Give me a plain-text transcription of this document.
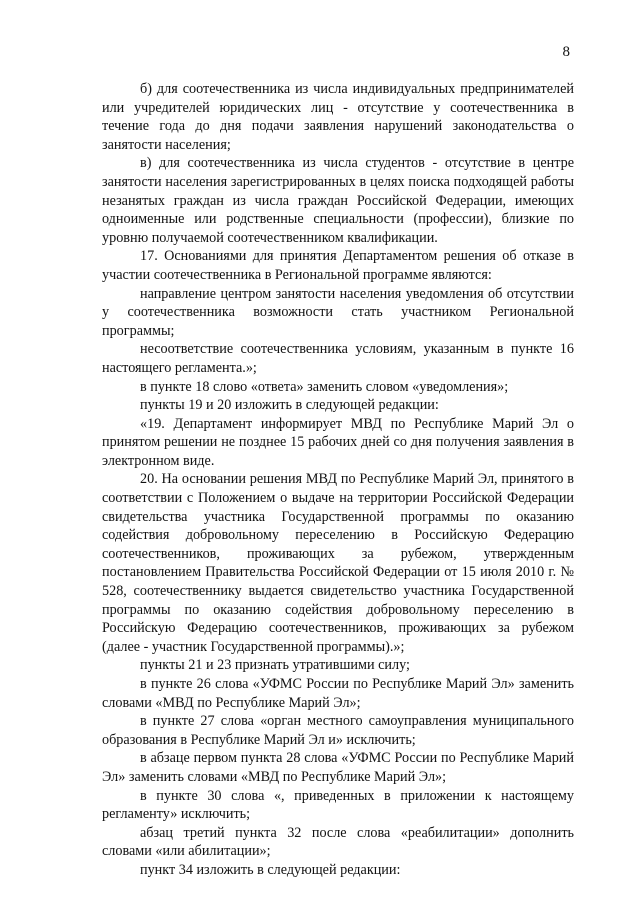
8

б) для соотечественника из числа индивидуальных предпринимателей или учредителей юридических лиц - отсутствие у соотечественника в течение года до дня подачи заявления нарушений законодательства о занятости населения;

в) для соотечественника из числа студентов - отсутствие в центре занятости населения зарегистрированных в целях поиска подходящей работы незанятых граждан из числа граждан Российской Федерации, имеющих одноименные или родственные специальности (профессии), близкие по уровню получаемой соотечественником квалификации.

17. Основаниями для принятия Департаментом решения об отказе в участии соотечественника в Региональной программе являются:

направление центром занятости населения уведомления об отсутствии у соотечественника возможности стать участником Региональной программы;

несоответствие соотечественника условиям, указанным в пункте 16 настоящего регламента.»;

в пункте 18 слово «ответа» заменить словом «уведомления»;

пункты 19 и 20 изложить в следующей редакции:

«19. Департамент информирует МВД по Республике Марий Эл о принятом решении не позднее 15 рабочих дней со дня получения заявления в электронном виде.

20. На основании решения МВД по Республике Марий Эл, принятого в соответствии с Положением о выдаче на территории Российской Федерации свидетельства участника Государственной программы по оказанию содействия добровольному переселению в Российскую Федерацию соотечественников, проживающих за рубежом, утвержденным постановлением Правительства Российской Федерации от 15 июля 2010 г. № 528, соотечественнику выдается свидетельство участника Государственной программы по оказанию содействия добровольному переселению в Российскую Федерацию соотечественников, проживающих за рубежом (далее - участник Государственной программы).»;

пункты 21 и 23 признать утратившими силу;

в пункте 26 слова «УФМС России по Республике Марий Эл» заменить словами «МВД по Республике Марий Эл»;

в пункте 27 слова «орган местного самоуправления муниципального образования в Республике Марий Эл и» исключить;

в абзаце первом пункта 28 слова «УФМС России по Республике Марий Эл» заменить словами «МВД по Республике Марий Эл»;

в пункте 30 слова «, приведенных в приложении к настоящему регламенту» исключить;

абзац третий пункта 32 после слова «реабилитации» дополнить словами «или абилитации»;

пункт 34 изложить в следующей редакции:
